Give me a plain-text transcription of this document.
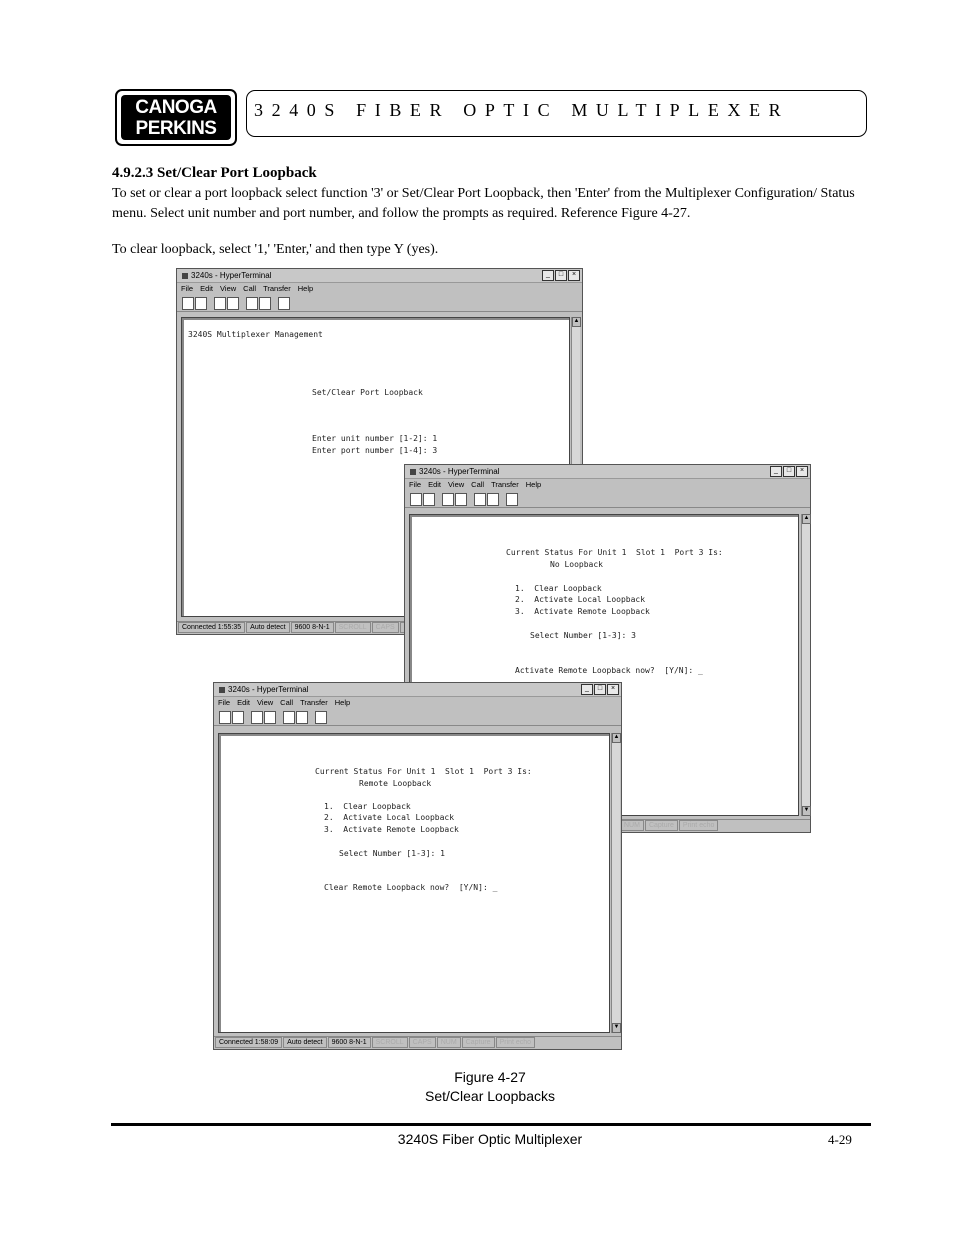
CANOGA
PERKINS
3240S FIBER OPTIC MULTIPLEXER
4.9.2.3 Set/Clear Port Loopback
To set or clear a port loopback select function '3' or Set/Clear Port Loopback, then 'Enter' from the Multiplexer Configuration/ Status menu. Select unit number and port number, and follow the prompts as required. Reference Figure 4-27.
To clear loopback, select '1,' 'Enter,' and then type Y (yes).
3240s - HyperTerminal	_ □ ×
File Edit View Call Transfer Help
3240S Multiplexer Management
Set/Clear Port Loopback
Enter unit number [1-2]: 1
Enter port number [1-4]: 3
▲
Connected 1:55:35 Auto detect 9600 8-N-1 SCROLL CAPS
3240s - HyperTerminal	_ □ ×
File Edit View Call Transfer Help
Current Status For Unit 1  Slot 1  Port 3 Is:
No Loopback
1.  Clear Loopback
2.  Activate Local Loopback
3.  Activate Remote Loopback
Select Number [1-3]: 3
Activate Remote Loopback now?  [Y/N]: _
▲
▼
NUM Capture Print echo
3240s - HyperTerminal	_ □ ×
File Edit View Call Transfer Help
Current Status For Unit 1  Slot 1  Port 3 Is:
Remote Loopback
1.  Clear Loopback
2.  Activate Local Loopback
3.  Activate Remote Loopback
Select Number [1-3]: 1
Clear Remote Loopback now?  [Y/N]: _
▲
▼
Connected 1:58:09 Auto detect 9600 8-N-1 SCROLL CAPS NUM Capture Print echo
Figure 4-27
Set/Clear Loopbacks
3240S Fiber Optic Multiplexer	4-29
